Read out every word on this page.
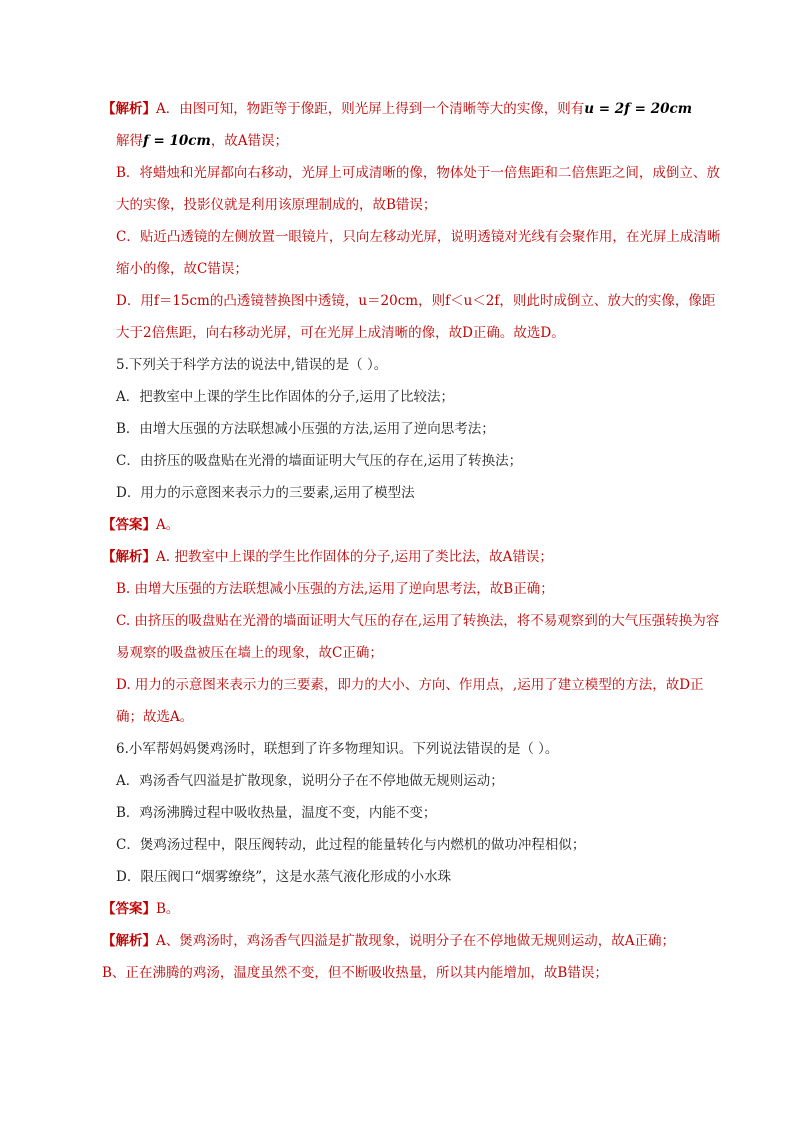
【解析】A．由图可知，物距等于像距，则光屏上得到一个清晰等大的实像，则有u = 2f = 20cm

解得f = 10cm，故A错误；

B．将蜡烛和光屏都向右移动，光屏上可成清晰的像，物体处于一倍焦距和二倍焦距之间，成倒立、放大的实像，投影仪就是利用该原理制成的，故B错误；

C．贴近凸透镜的左侧放置一眼镜片，只向左移动光屏，说明透镜对光线有会聚作用，在光屏上成清晰缩小的像，故C错误；

D．用f＝15cm的凸透镜替换图中透镜，u＝20cm，则f＜u＜2f，则此时成倒立、放大的实像，像距大于2倍焦距，向右移动光屏，可在光屏上成清晰的像，故D正确。故选D。

5.下列关于科学方法的说法中,错误的是（ ）。

A．把教室中上课的学生比作固体的分子,运用了比较法；

B．由增大压强的方法联想减小压强的方法,运用了逆向思考法；

C．由挤压的吸盘贴在光滑的墙面证明大气压的存在,运用了转换法；

D．用力的示意图来表示力的三要素,运用了模型法

【答案】A。

【解析】A. 把教室中上课的学生比作固体的分子,运用了类比法，故A错误；

B. 由增大压强的方法联想减小压强的方法,运用了逆向思考法，故B正确；

C. 由挤压的吸盘贴在光滑的墙面证明大气压的存在,运用了转换法，将不易观察到的大气压强转换为容易观察的吸盘被压在墙上的现象，故C正确；

D. 用力的示意图来表示力的三要素，即力的大小、方向、作用点，,运用了建立模型的方法，故D正确；故选A。

6.小军帮妈妈煲鸡汤时，联想到了许多物理知识。下列说法错误的是（ ）。

A．鸡汤香气四溢是扩散现象，说明分子在不停地做无规则运动；

B．鸡汤沸腾过程中吸收热量，温度不变，内能不变；

C．煲鸡汤过程中，限压阀转动，此过程的能量转化与内燃机的做功冲程相似；

D．限压阀口“烟雾缭绕”，这是水蒸气液化形成的小水珠

【答案】B。

【解析】A、煲鸡汤时，鸡汤香气四溢是扩散现象，说明分子在不停地做无规则运动，故A正确；

B、正在沸腾的鸡汤，温度虽然不变，但不断吸收热量，所以其内能增加，故B错误；
